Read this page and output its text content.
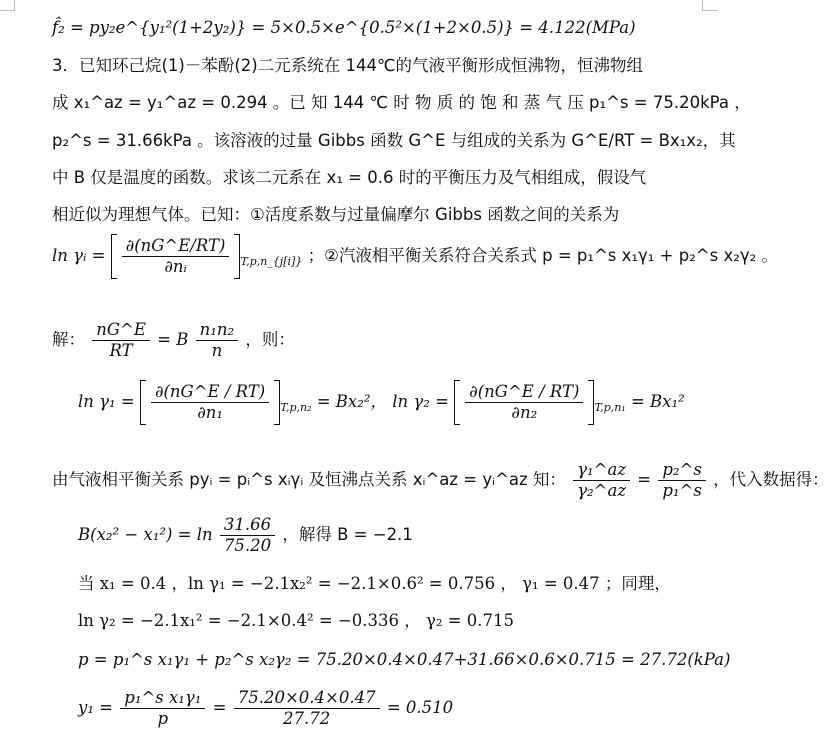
f̂₂ = py₂e^{y₁²(1+2y₂)} = 5×0.5×e^{0.5²×(1+2×0.5)} = 4.122(MPa)
3．已知环己烷(1)－苯酚(2)二元系统在 144℃的气液平衡形成恒沸物，恒沸物组
成 x₁^az = y₁^az = 0.294 。已 知 144 ℃ 时 物 质 的 饱 和 蒸 气 压 p₁^s = 75.20kPa ，
p₂^s = 31.66kPa 。该溶液的过量 Gibbs 函数 G^E 与组成的关系为 G^E/RT = Bx₁x₂，其
中 B 仅是温度的函数。求该二元系在 x₁ = 0.6 时的平衡压力及气相组成，假设气
相近似为理想气体。已知：①活度系数与过量偏摩尔 Gibbs 函数之间的关系为
ln γᵢ = $\frac{\partial(nG\^{}E/RT)}{\text{∂nᵢ}} _{T,p,n\_\{j[i]\}}$ ；②汽液相平衡关系符合关系式 p = p₁^s x₁γ₁ + p₂^s x₂γ₂ 。
解： $\frac{nG\^{}E}{RT} = B \frac{\text{n₁n₂}}{n}$ ，则：
$\ln \gamma_1 = \frac{\partial(nG\^{}E / RT)}{\text{∂n₁}} _{T,p,n_2} = Bx_2^2$， $\ln \gamma_2 = \frac{\partial(nG\^{}E / RT)}{\text{∂n₂}} _{T,p,n_1} = Bx_1^2$
由气液相平衡关系 pyᵢ = pᵢ^s xᵢγᵢ 及恒沸点关系 xᵢ^az = yᵢ^az 知： $\frac{\text{γ₁\textasciicircum{}az}}{\text{γ₂\textasciicircum{}az}} = \frac{\text{p₂\textasciicircum{}s}}{\text{p₁\textasciicircum{}s}}$ ，代入数据得：
$B(x_2^2 - x_1^2) = \ln \frac{31.66}{75.20}$ ，解得 B = −2.1
当 x₁ = 0.4 ，ln γ₁ = −2.1x₂² = −2.1×0.6² = 0.756 ， γ₁ = 0.47 ；同理，
ln γ₂ = −2.1x₁² = −2.1×0.4² = −0.336 ， γ₂ = 0.715
p = p₁^s x₁γ₁ + p₂^s x₂γ₂ = 75.20×0.4×0.47+31.66×0.6×0.715 = 27.72(kPa)
$y_1 = \frac{\text{p₁\textasciicircum{}s x₁γ₁}}{p} = \frac{75.20\times 0.4\times 0.47}{27.72} = 0.510$
